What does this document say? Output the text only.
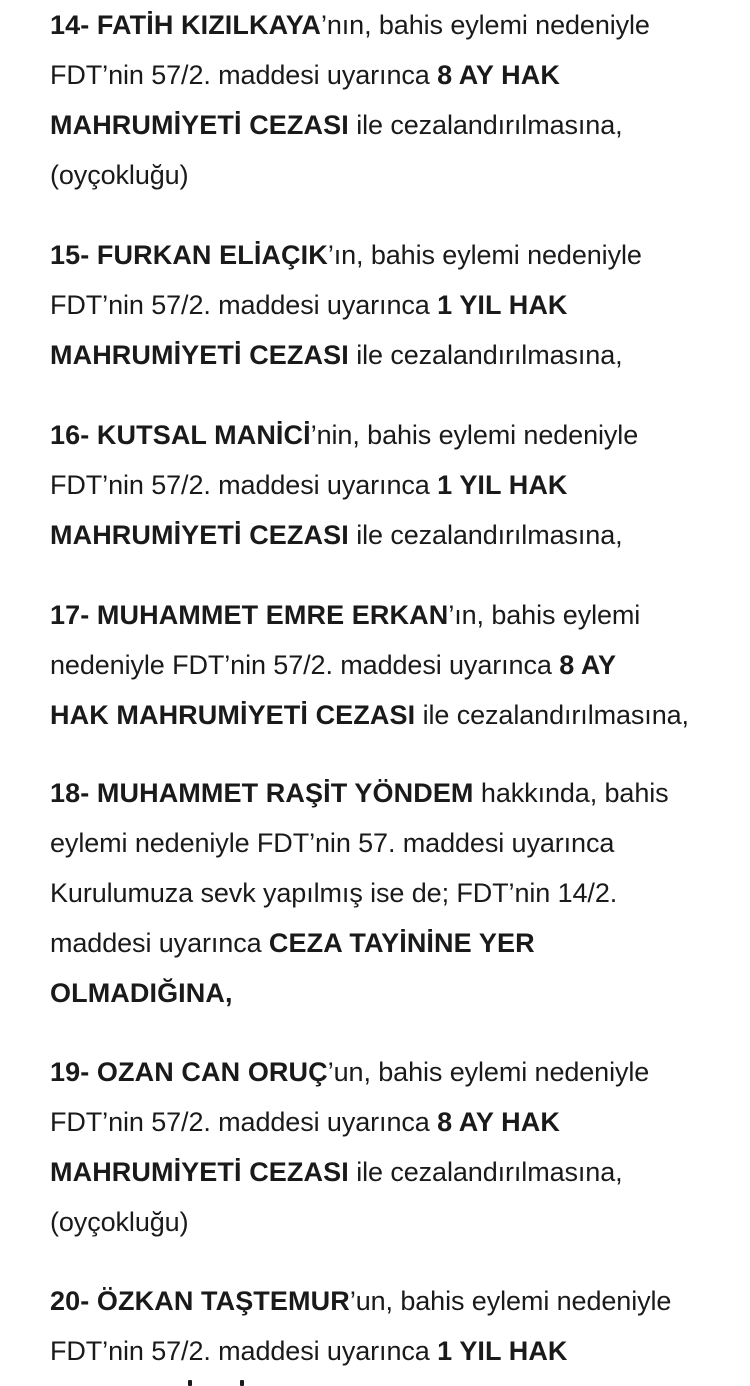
14- FATİH KIZILKAYA’nın, bahis eylemi nedeniyle
FDT’nin 57/2. maddesi uyarınca 8 AY HAK
MAHRUMİYETİ CEZASI ile cezalandırılmasına,
(oyçokluğu)

15- FURKAN ELİAÇIK’ın, bahis eylemi nedeniyle
FDT’nin 57/2. maddesi uyarınca 1 YIL HAK
MAHRUMİYETİ CEZASI ile cezalandırılmasına,

16- KUTSAL MANİCİ’nin, bahis eylemi nedeniyle
FDT’nin 57/2. maddesi uyarınca 1 YIL HAK
MAHRUMİYETİ CEZASI ile cezalandırılmasına,

17- MUHAMMET EMRE ERKAN’ın, bahis eylemi
nedeniyle FDT’nin 57/2. maddesi uyarınca 8 AY
HAK MAHRUMİYETİ CEZASI ile cezalandırılmasına,

18- MUHAMMET RAŞİT YÖNDEM hakkında, bahis
eylemi nedeniyle FDT’nin 57. maddesi uyarınca
Kurulumuza sevk yapılmış ise de; FDT’nin 14/2.
maddesi uyarınca CEZA TAYİNİNE YER
OLMADIĞINA,

19- OZAN CAN ORUÇ’un, bahis eylemi nedeniyle
FDT’nin 57/2. maddesi uyarınca 8 AY HAK
MAHRUMİYETİ CEZASI ile cezalandırılmasına,
(oyçokluğu)

20- ÖZKAN TAŞTEMUR’un, bahis eylemi nedeniyle
FDT’nin 57/2. maddesi uyarınca 1 YIL HAK
